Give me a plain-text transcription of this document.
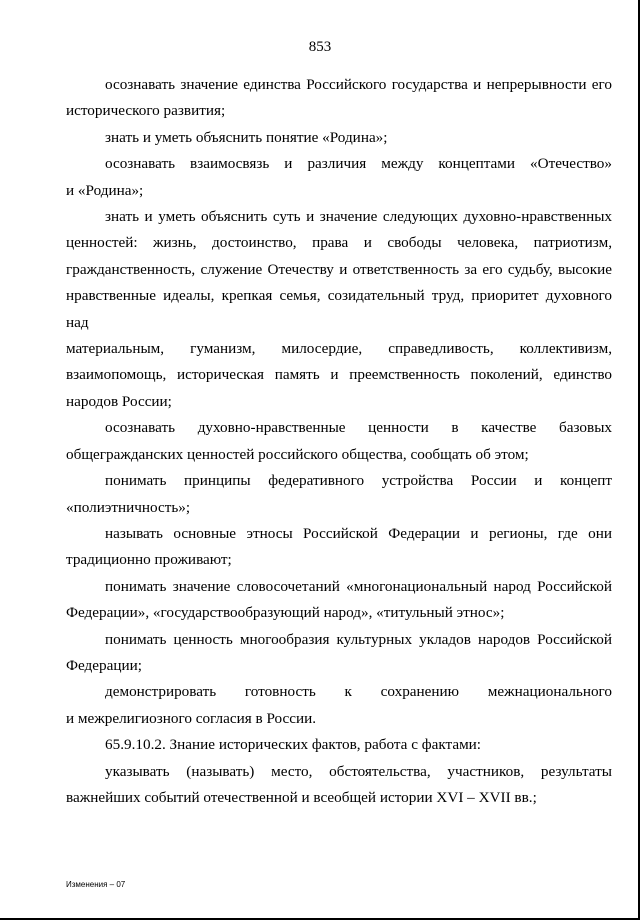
853
осознавать значение единства Российского государства и непрерывности его
исторического развития;
знать и уметь объяснить понятие «Родина»;
осознавать взаимосвязь и различия между концептами «Отечество»
и «Родина»;
знать и уметь объяснить суть и значение следующих духовно-нравственных
ценностей: жизнь, достоинство, права и свободы человека, патриотизм,
гражданственность, служение Отечеству и ответственность за его судьбу, высокие
нравственные идеалы, крепкая семья, созидательный труд, приоритет духовного над
материальным, гуманизм, милосердие, справедливость, коллективизм,
взаимопомощь, историческая память и преемственность поколений, единство
народов России;
осознавать духовно-нравственные ценности в качестве базовых
общегражданских ценностей российского общества, сообщать об этом;
понимать принципы федеративного устройства России и концепт
«полиэтничность»;
называть основные этносы Российской Федерации и регионы, где они
традиционно проживают;
понимать значение словосочетаний «многонациональный народ Российской
Федерации», «государствообразующий народ», «титульный этнос»;
понимать ценность многообразия культурных укладов народов Российской
Федерации;
демонстрировать готовность к сохранению межнационального
и межрелигиозного согласия в России.
65.9.10.2. Знание исторических фактов, работа с фактами:
указывать (называть) место, обстоятельства, участников, результаты
важнейших событий отечественной и всеобщей истории XVI – XVII вв.;
Изменения – 07
